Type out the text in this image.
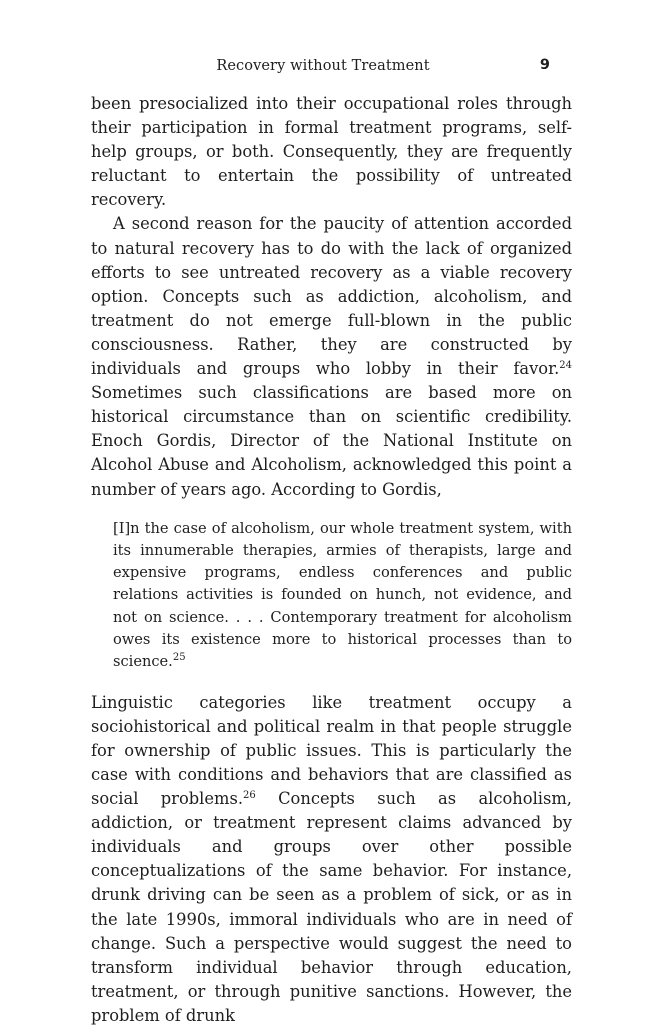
Recovery without Treatment	9

been presocialized into their occupational roles through their participation in formal treatment programs, self-help groups, or both. Consequently, they are frequently reluctant to entertain the possibility of untreated recovery.

A second reason for the paucity of attention accorded to natural recovery has to do with the lack of organized efforts to see untreated recovery as a viable recovery option. Concepts such as addiction, alcoholism, and treatment do not emerge full-blown in the public consciousness. Rather, they are constructed by individuals and groups who lobby in their favor.$^{24}$ Sometimes such classifications are based more on historical circumstance than on scientific credibility. Enoch Gordis, Director of the National Institute on Alcohol Abuse and Alcoholism, acknowledged this point a number of years ago. According to Gordis,

[I]n the case of alcoholism, our whole treatment system, with its innumerable therapies, armies of therapists, large and expensive programs, endless conferences and public relations activities is founded on hunch, not evidence, and not on science. . . . Contemporary treatment for alcoholism owes its existence more to historical processes than to science.$^{25}$

Linguistic categories like treatment occupy a sociohistorical and political realm in that people struggle for ownership of public issues. This is particularly the case with conditions and behaviors that are classified as social problems.$^{26}$ Concepts such as alcoholism, addiction, or treatment represent claims advanced by individuals and groups over other possible conceptualizations of the same behavior. For instance, drunk driving can be seen as a problem of sick, or as in the late 1990s, immoral individuals who are in need of change. Such a perspective would suggest the need to transform individual behavior through education, treatment, or through punitive sanctions. However, the problem of drunk
